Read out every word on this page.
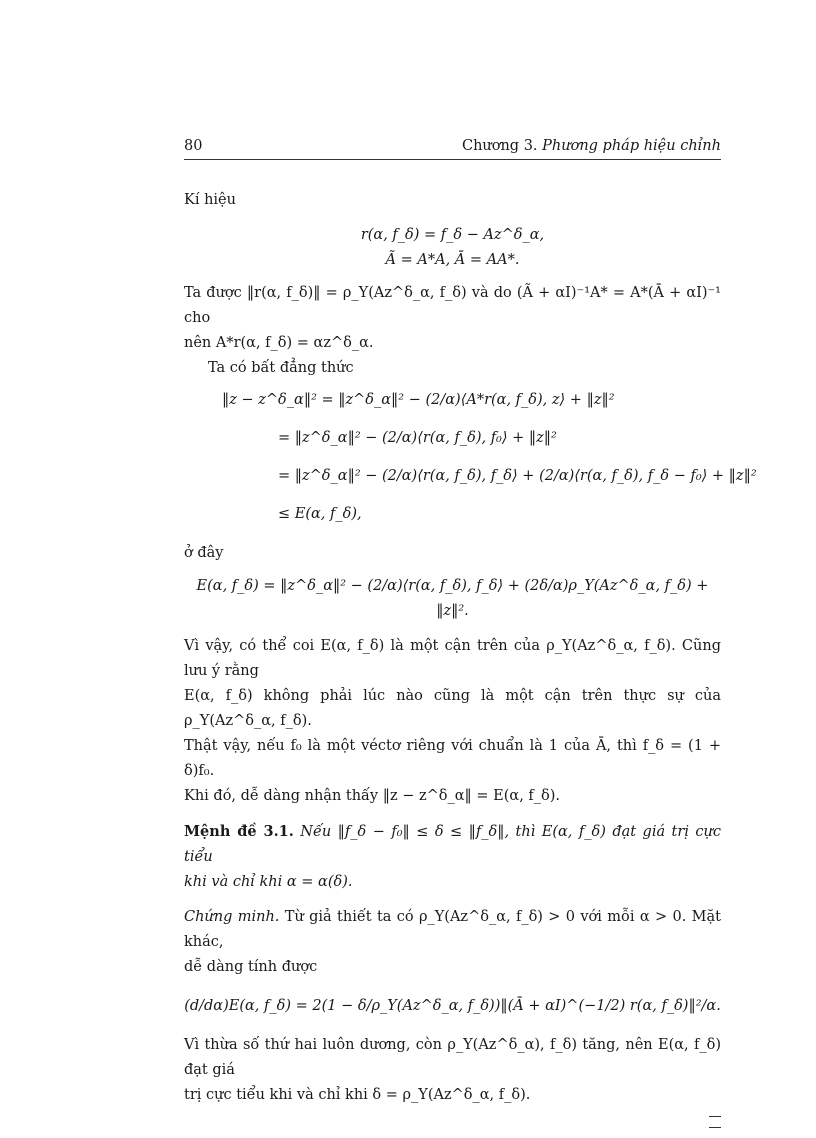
80	Chương 3. Phương pháp hiệu chỉnh

Kí hiệu

r(α, f_δ) = f_δ − Az^δ_α,
Ã = A*A, Ā = AA*.

Ta được ‖r(α, f_δ)‖ = ρ_Y(Az^δ_α, f_δ) và do (Ã + αI)⁻¹A* = A*(Ā + αI)⁻¹ cho

nên A*r(α, f_δ) = αz^δ_α.

Ta có bất đẳng thức

‖z − z^δ_α‖² = ‖z^δ_α‖² − (2/α)⟨A*r(α, f_δ), z⟩ + ‖z‖²
= ‖z^δ_α‖² − (2/α)⟨r(α, f_δ), f₀⟩ + ‖z‖²
= ‖z^δ_α‖² − (2/α)⟨r(α, f_δ), f_δ⟩ + (2/α)⟨r(α, f_δ), f_δ − f₀⟩ + ‖z‖²
≤ E(α, f_δ),

ở đây

E(α, f_δ) = ‖z^δ_α‖² − (2/α)⟨r(α, f_δ), f_δ⟩ + (2δ/α)ρ_Y(Az^δ_α, f_δ) + ‖z‖².

Vì vậy, có thể coi E(α, f_δ) là một cận trên của ρ_Y(Az^δ_α, f_δ). Cũng lưu ý rằng

E(α, f_δ) không phải lúc nào cũng là một cận trên thực sự của ρ_Y(Az^δ_α, f_δ).

Thật vậy, nếu f₀ là một véctơ riêng với chuẩn là 1 của Ā, thì f_δ = (1 + δ)f₀.

Khi đó, dễ dàng nhận thấy ‖z − z^δ_α‖ = E(α, f_δ).

Mệnh đề 3.1. Nếu ‖f_δ − f₀‖ ≤ δ ≤ ‖f_δ‖, thì E(α, f_δ) đạt giá trị cực tiểu

khi và chỉ khi α = α(δ).

Chứng minh. Từ giả thiết ta có ρ_Y(Az^δ_α, f_δ) > 0 với mỗi α > 0. Mặt khác,

dễ dàng tính được

(d/dα)E(α, f_δ) = 2(1 − δ/ρ_Y(Az^δ_α, f_δ))‖(Ā + αI)^(−1/2) r(α, f_δ)‖²/α.

Vì thừa số thứ hai luôn dương, còn ρ_Y(Az^δ_α), f_δ) tăng, nên E(α, f_δ) đạt giá

trị cực tiểu khi và chỉ khi δ = ρ_Y(Az^δ_α, f_δ).
